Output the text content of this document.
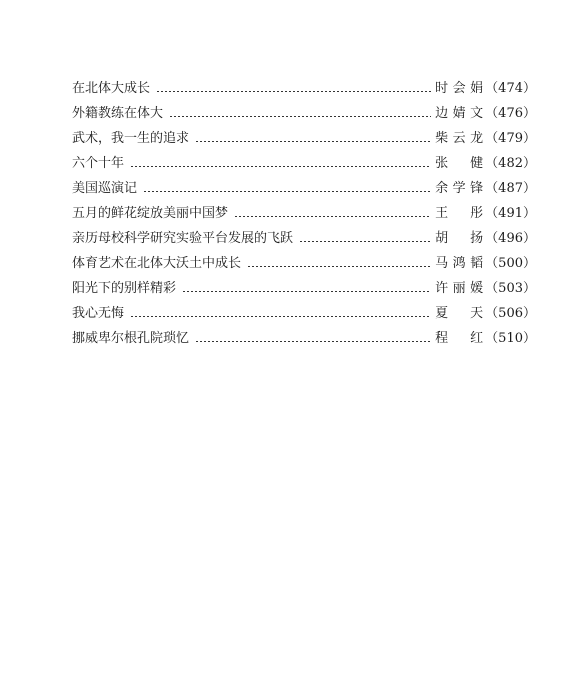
在北体大成长	时会娟 （474）
外籍教练在体大	边婧文 （476）
武术，我一生的追求	柴云龙 （479）
六个十年	张 健 （482）
美国巡演记	余学锋 （487）
五月的鲜花绽放美丽中国梦	王 彤 （491）
亲历母校科学研究实验平台发展的飞跃	胡 扬 （496）
体育艺术在北体大沃土中成长	马鸿韬 （500）
阳光下的别样精彩	许丽媛 （503）
我心无悔	夏 天 （506）
挪威卑尔根孔院琐忆	程 红 （510）
